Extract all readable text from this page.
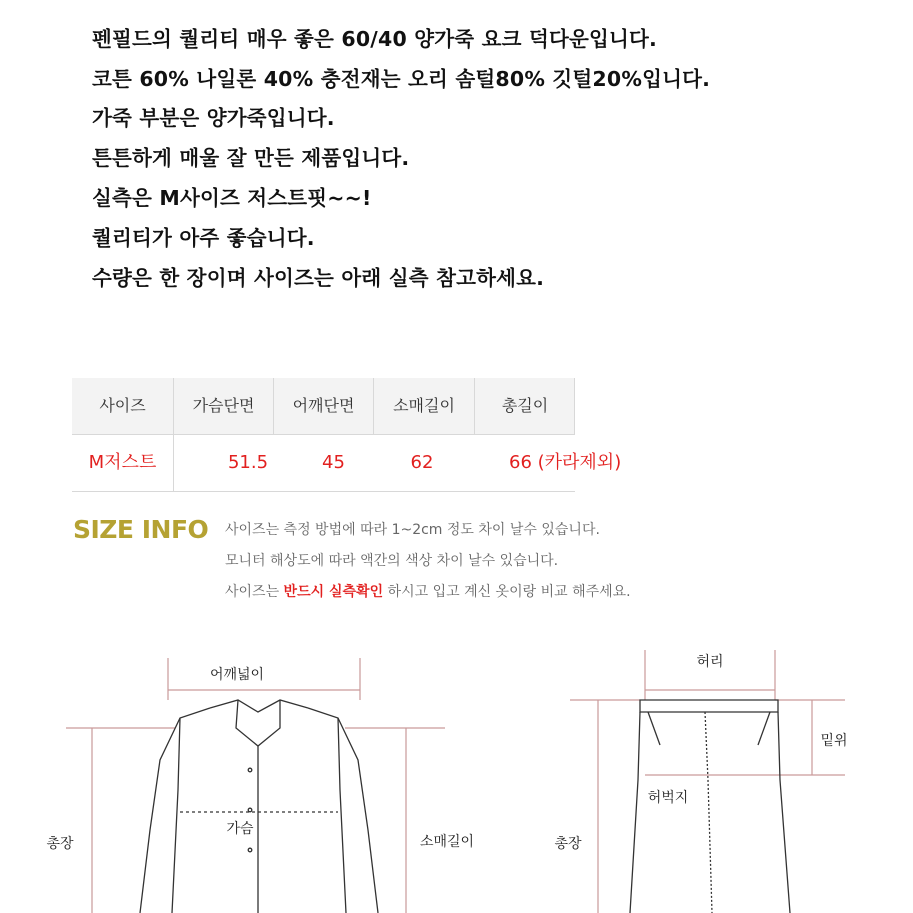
펜필드의 퀄리티 매우 좋은 60/40 양가죽 요크 덕다운입니다.
코튼 60% 나일론 40% 충전재는 오리 솜털80% 깃털20%입니다.
가죽 부분은 양가죽입니다.
튼튼하게 매울 잘 만든 제품입니다.
실측은 M사이즈 저스트핏~~!
퀄리티가 아주 좋습니다.
수량은 한 장이며 사이즈는 아래 실측 참고하세요.
사이즈	가슴단면	어깨단면	소매길이	총길이
M저스트	51.5	45	62	66 (카라제외)
SIZE INFO 사이즈는 측정 방법에 따라 1~2cm 정도 차이 날수 있습니다.
모니터 해상도에 따라 액간의 색상 차이 날수 있습니다.
사이즈는 반드시 실측확인 하시고 입고 계신 옷이랑 비교 해주세요.
어깨넓이
가슴
총장	소매길이
허리
밑위
허벅지
총장
